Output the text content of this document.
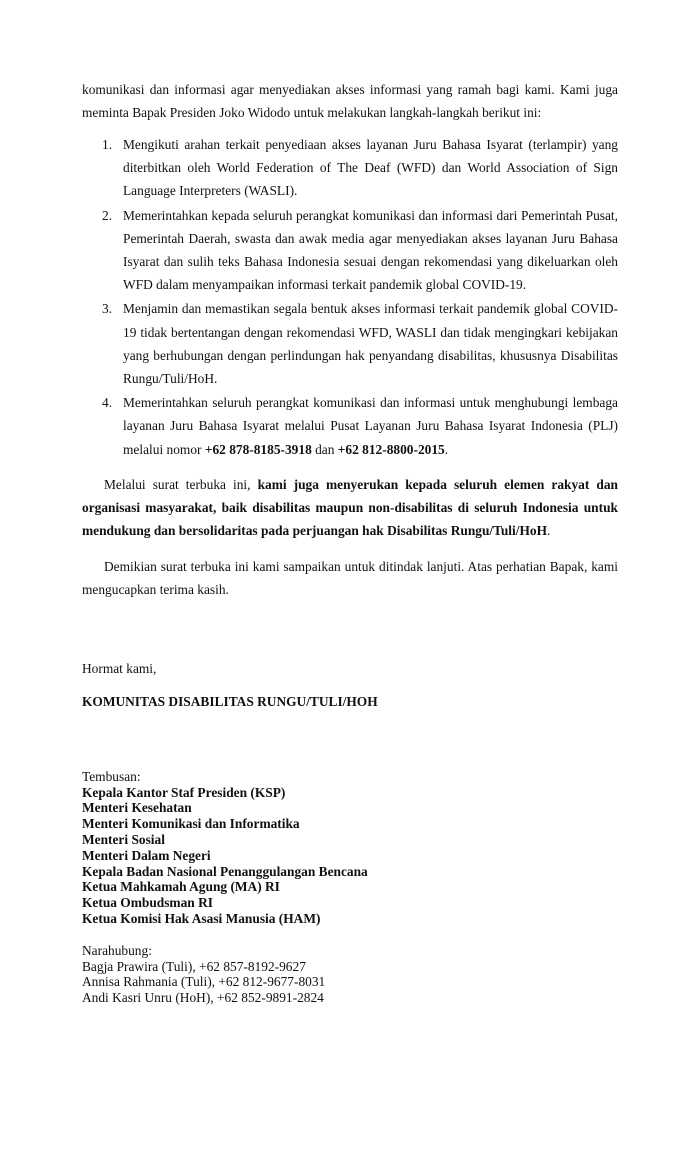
komunikasi dan informasi agar menyediakan akses informasi yang ramah bagi kami. Kami juga meminta Bapak Presiden Joko Widodo untuk melakukan langkah-langkah berikut ini:

1. Mengikuti arahan terkait penyediaan akses layanan Juru Bahasa Isyarat (terlampir) yang diterbitkan oleh World Federation of The Deaf (WFD) dan World Association of Sign Language Interpreters (WASLI).
2. Memerintahkan kepada seluruh perangkat komunikasi dan informasi dari Pemerintah Pusat, Pemerintah Daerah, swasta dan awak media agar menyediakan akses layanan Juru Bahasa Isyarat dan sulih teks Bahasa Indonesia sesuai dengan rekomendasi yang dikeluarkan oleh WFD dalam menyampaikan informasi terkait pandemik global COVID-19.
3. Menjamin dan memastikan segala bentuk akses informasi terkait pandemik global COVID-19 tidak bertentangan dengan rekomendasi WFD, WASLI dan tidak mengingkari kebijakan yang berhubungan dengan perlindungan hak penyandang disabilitas, khususnya Disabilitas Rungu/Tuli/HoH.
4. Memerintahkan seluruh perangkat komunikasi dan informasi untuk menghubungi lembaga layanan Juru Bahasa Isyarat melalui Pusat Layanan Juru Bahasa Isyarat Indonesia (PLJ) melalui nomor +62 878-8185-3918 dan +62 812-8800-2015.

Melalui surat terbuka ini, kami juga menyerukan kepada seluruh elemen rakyat dan organisasi masyarakat, baik disabilitas maupun non-disabilitas di seluruh Indonesia untuk mendukung dan bersolidaritas pada perjuangan hak Disabilitas Rungu/Tuli/HoH.

Demikian surat terbuka ini kami sampaikan untuk ditindak lanjuti. Atas perhatian Bapak, kami mengucapkan terima kasih.

Hormat kami,

KOMUNITAS DISABILITAS RUNGU/TULI/HOH

Tembusan:

Kepala Kantor Staf Presiden (KSP)

Menteri Kesehatan

Menteri Komunikasi dan Informatika

Menteri Sosial

Menteri Dalam Negeri

Kepala Badan Nasional Penanggulangan Bencana

Ketua Mahkamah Agung (MA) RI

Ketua Ombudsman RI

Ketua Komisi Hak Asasi Manusia (HAM)

Narahubung:

Bagja Prawira (Tuli), +62 857-8192-9627

Annisa Rahmania (Tuli), +62 812-9677-8031

Andi Kasri Unru (HoH), +62 852-9891-2824
